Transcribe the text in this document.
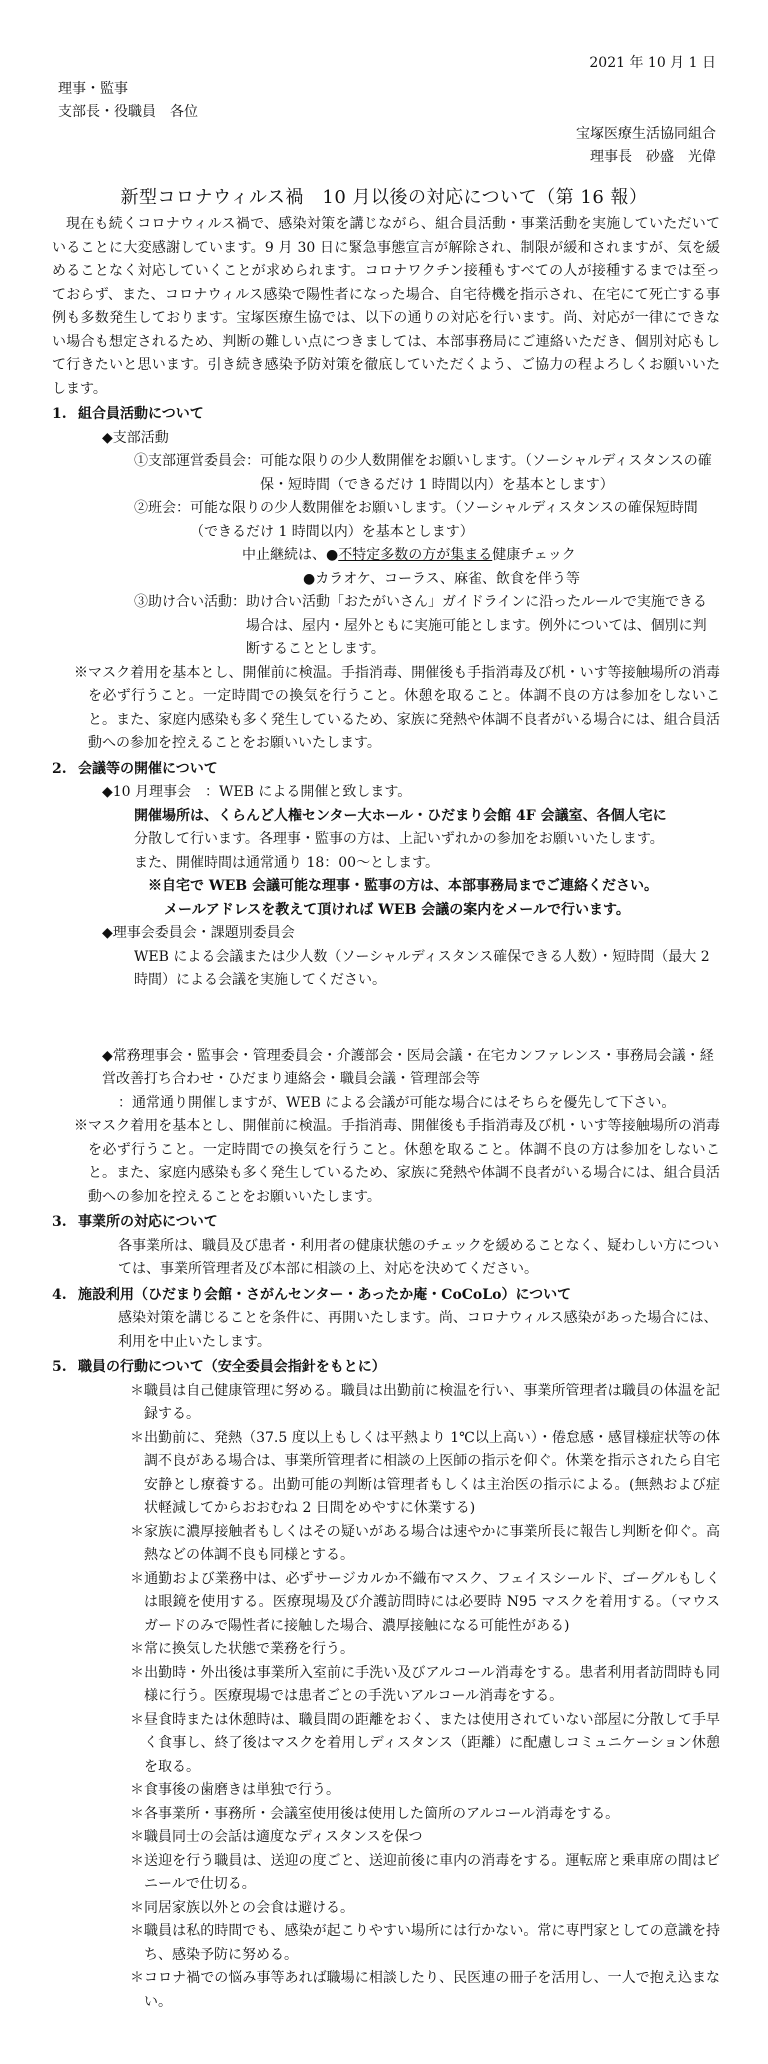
2021 年 10 月 1 日
理事・監事
支部長・役職員　各位
宝塚医療生活協同組合
理事長　砂盛　光偉
新型コロナウィルス禍　10 月以後の対応について（第 16 報）

現在も続くコロナウィルス禍で、感染対策を講じながら、組合員活動・事業活動を実施していただいていることに大変感謝しています。9 月 30 日に緊急事態宣言が解除され、制限が緩和されますが、気を緩めることなく対応していくことが求められます。コロナワクチン接種もすべての人が接種するまでは至っておらず、また、コロナウィルス感染で陽性者になった場合、自宅待機を指示され、在宅にて死亡する事例も多数発生しております。宝塚医療生協では、以下の通りの対応を行います。尚、対応が一律にできない場合も想定されるため、判断の難しい点につきましては、本部事務局にご連絡いただき、個別対応もして行きたいと思います。引き続き感染予防対策を徹底していただくよう、ご協力の程よろしくお願いいたします。

1. 組合員活動について
◆支部活動
①支部運営委員会： 可能な限りの少人数開催をお願いします。（ソーシャルディスタンスの確保・短時間（できるだけ 1 時間以内）を基本とします）
②班会： 可能な限りの少人数開催をお願いします。（ソーシャルディスタンスの確保短時間（できるだけ 1 時間以内）を基本とします）
中止継続は、●不特定多数の方が集まる健康チェック
●カラオケ、コーラス、麻雀、飲食を伴う等
③助け合い活動： 助け合い活動「おたがいさん」ガイドラインに沿ったルールで実施できる場合は、屋内・屋外ともに実施可能とします。例外については、個別に判断することとします。

※マスク着用を基本とし、開催前に検温。手指消毒、開催後も手指消毒及び机・いす等接触場所の消毒を必ず行うこと。一定時間での換気を行うこと。休憩を取ること。体調不良の方は参加をしないこと。また、家庭内感染も多く発生しているため、家族に発熱や体調不良者がいる場合には、組合員活動への参加を控えることをお願いいたします。

2. 会議等の開催について
◆10 月理事会　：WEB による開催と致します。
開催場所は、くらんど人権センター大ホール・ひだまり会館 4F 会議室、各個人宅に
分散して行います。各理事・監事の方は、上記いずれかの参加をお願いいたします。
また、開催時間は通常通り 18：00～とします。
※自宅で WEB 会議可能な理事・監事の方は、本部事務局までご連絡ください。
メールアドレスを教えて頂ければ WEB 会議の案内をメールで行います。
◆理事会委員会・課題別委員会
WEB による会議または少人数（ソーシャルディスタンス確保できる人数）・短時間（最大 2 時間）による会議を実施してください。
◆常務理事会・監事会・管理委員会・介護部会・医局会議・在宅カンファレンス・事務局会議・経営改善打ち合わせ・ひだまり連絡会・職員会議・管理部会等
：通常通り開催しますが、WEB による会議が可能な場合にはそちらを優先して下さい。

※マスク着用を基本とし、開催前に検温。手指消毒、開催後も手指消毒及び机・いす等接触場所の消毒を必ず行うこと。一定時間での換気を行うこと。休憩を取ること。体調不良の方は参加をしないこと。また、家庭内感染も多く発生しているため、家族に発熱や体調不良者がいる場合には、組合員活動への参加を控えることをお願いいたします。

3. 事業所の対応について

各事業所は、職員及び患者・利用者の健康状態のチェックを緩めることなく、疑わしい方については、事業所管理者及び本部に相談の上、対応を決めてください。

4. 施設利用（ひだまり会館・さがんセンター・あったか庵・CoCoLo）について

感染対策を講じることを条件に、再開いたします。尚、コロナウィルス感染があった場合には、利用を中止いたします。

5. 職員の行動について（安全委員会指針をもとに）

＊職員は自己健康管理に努める。職員は出勤前に検温を行い、事業所管理者は職員の体温を記録する。

＊出勤前に、発熱（37.5 度以上もしくは平熱より 1℃以上高い）・倦怠感・感冒様症状等の体調不良がある場合は、事業所管理者に相談の上医師の指示を仰ぐ。休業を指示されたら自宅安静とし療養する。出勤可能の判断は管理者もしくは主治医の指示による。(無熱および症状軽減してからおおむね 2 日間をめやすに休業する)

＊家族に濃厚接触者もしくはその疑いがある場合は速やかに事業所長に報告し判断を仰ぐ。高熱などの体調不良も同様とする。

＊通勤および業務中は、必ずサージカルか不織布マスク、フェイスシールド、ゴーグルもしくは眼鏡を使用する。医療現場及び介護訪問時には必要時 N95 マスクを着用する。（マウスガードのみで陽性者に接触した場合、濃厚接触になる可能性がある)

＊常に換気した状態で業務を行う。

＊出勤時・外出後は事業所入室前に手洗い及びアルコール消毒をする。患者利用者訪問時も同様に行う。医療現場では患者ごとの手洗いアルコール消毒をする。

＊昼食時または休憩時は、職員間の距離をおく、または使用されていない部屋に分散して手早く食事し、終了後はマスクを着用しディスタンス（距離）に配慮しコミュニケーション休憩を取る。

＊食事後の歯磨きは単独で行う。

＊各事業所・事務所・会議室使用後は使用した箇所のアルコール消毒をする。

＊職員同士の会話は適度なディスタンスを保つ

＊送迎を行う職員は、送迎の度ごと、送迎前後に車内の消毒をする。運転席と乗車席の間はビニールで仕切る。

＊同居家族以外との会食は避ける。

＊職員は私的時間でも、感染が起こりやすい場所には行かない。常に専門家としての意識を持ち、感染予防に努める。

＊コロナ禍での悩み事等あれば職場に相談したり、民医連の冊子を活用し、一人で抱え込まない。
